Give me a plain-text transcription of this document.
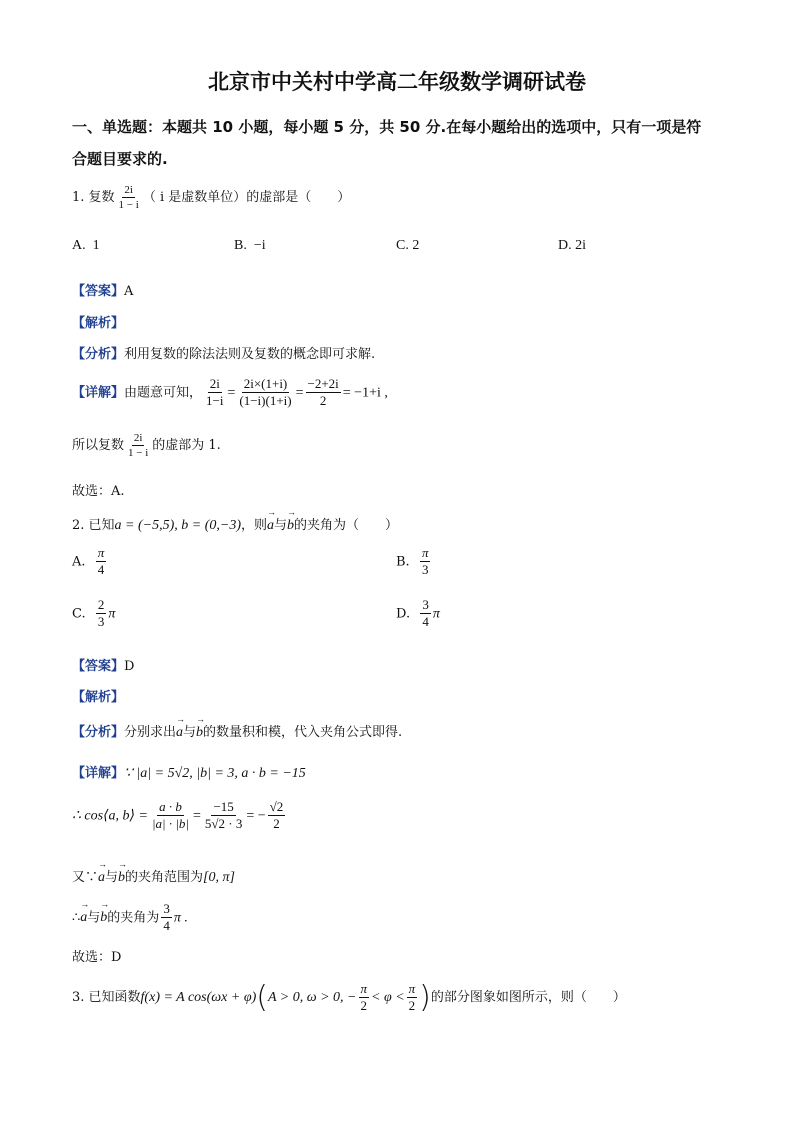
北京市中关村中学高二年级数学调研试卷
一、单选题：本题共 10 小题，每小题 5 分，共 50 分.在每小题给出的选项中，只有一项是符
合题目要求的.
1. 复数 $\frac{2i}{1 - i}$ （ i 是虚数单位）的虚部是（　　）
A. 1	B. −i	C. 2	D. 2i
【答案】A
【解析】
【分析】利用复数的除法法则及复数的概念即可求解.
【详解】由题意可知， $\frac{2i}{1-i} = \frac{2i\times(1+i)}{(1-i)(1+i)} = \frac{-2+2i}{2} = -1+i$ ,
所以复数 $\frac{2i}{1 - i}$ 的虚部为 1.
故选：A.
2. 已知a = (−5,5), b = (0,−3)，则→ a与→ b的夹角为（　　）
A. $\frac{\pi}{4}$	B. $\frac{\pi}{3}$
C. $\frac{2}{3}$ π	D. $\frac{3}{4}$ π
【答案】D
【解析】
【分析】分别求出→ a与→ b的数量积和模，代入夹角公式即得.
【详解】∵ |a| = 5√2, |b| = 3, a · b = −15
∴ cos⟨a, b⟩ = $\frac{a \cdot b}{|a| \cdot |b|} = \frac{-15}{5√2 \cdot 3}$ = − $\frac{√2}{2}$
又∵→ a与→ b的夹角范围为[0, π]
∴→ a与→ b的夹角为 $\frac{3}{4}$ π .
故选：D
3. 已知函数f(x) = A cos(ωx + φ)(A > 0, ω > 0, − $\frac{\pi}{2} < \varphi < \frac{\pi}{2}$ )的部分图象如图所示，则（　　）
